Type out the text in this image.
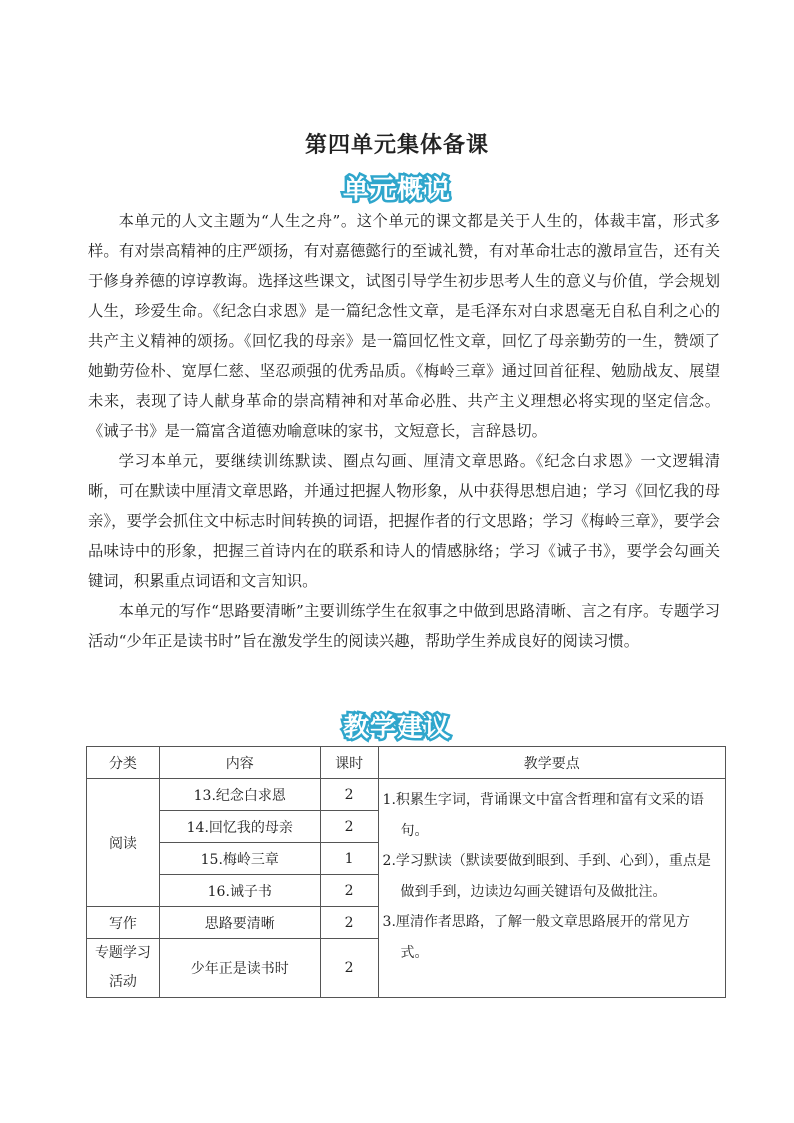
第四单元集体备课
单元概说

本单元的人文主题为“人生之舟”。这个单元的课文都是关于人生的，体裁丰富，形式多样。有对崇高精神的庄严颂扬，有对嘉德懿行的至诚礼赞，有对革命壮志的激昂宣告，还有关于修身养德的谆谆教诲。选择这些课文，试图引导学生初步思考人生的意义与价值，学会规划人生，珍爱生命。《纪念白求恩》是一篇纪念性文章，是毛泽东对白求恩毫无自私自利之心的共产主义精神的颂扬。《回忆我的母亲》是一篇回忆性文章，回忆了母亲勤劳的一生，赞颂了她勤劳俭朴、宽厚仁慈、坚忍顽强的优秀品质。《梅岭三章》通过回首征程、勉励战友、展望未来，表现了诗人献身革命的崇高精神和对革命必胜、共产主义理想必将实现的坚定信念。《诫子书》是一篇富含道德劝喻意味的家书，文短意长，言辞恳切。

学习本单元，要继续训练默读、圈点勾画、厘清文章思路。《纪念白求恩》一文逻辑清晰，可在默读中厘清文章思路，并通过把握人物形象，从中获得思想启迪；学习《回忆我的母亲》，要学会抓住文中标志时间转换的词语，把握作者的行文思路；学习《梅岭三章》，要学会品味诗中的形象，把握三首诗内在的联系和诗人的情感脉络；学习《诫子书》，要学会勾画关键词，积累重点词语和文言知识。

本单元的写作“思路要清晰”主要训练学生在叙事之中做到思路清晰、言之有序。专题学习活动“少年正是读书时”旨在激发学生的阅读兴趣，帮助学生养成良好的阅读习惯。

教学建议
分类	内容	课时	教学要点
阅读	13.纪念白求恩	2	1.积累生字词，背诵课文中富含哲理和富有文采的语句。
2.学习默读（默读要做到眼到、手到、心到），重点是做到手到，边读边勾画关键语句及做批注。
3.厘清作者思路，了解一般文章思路展开的常见方式。

	14.回忆我的母亲	2	
	15.梅岭三章	1	
	16.诫子书	2	
写作	思路要清晰	2	

专题学习活动	少年正是读书时	2	
